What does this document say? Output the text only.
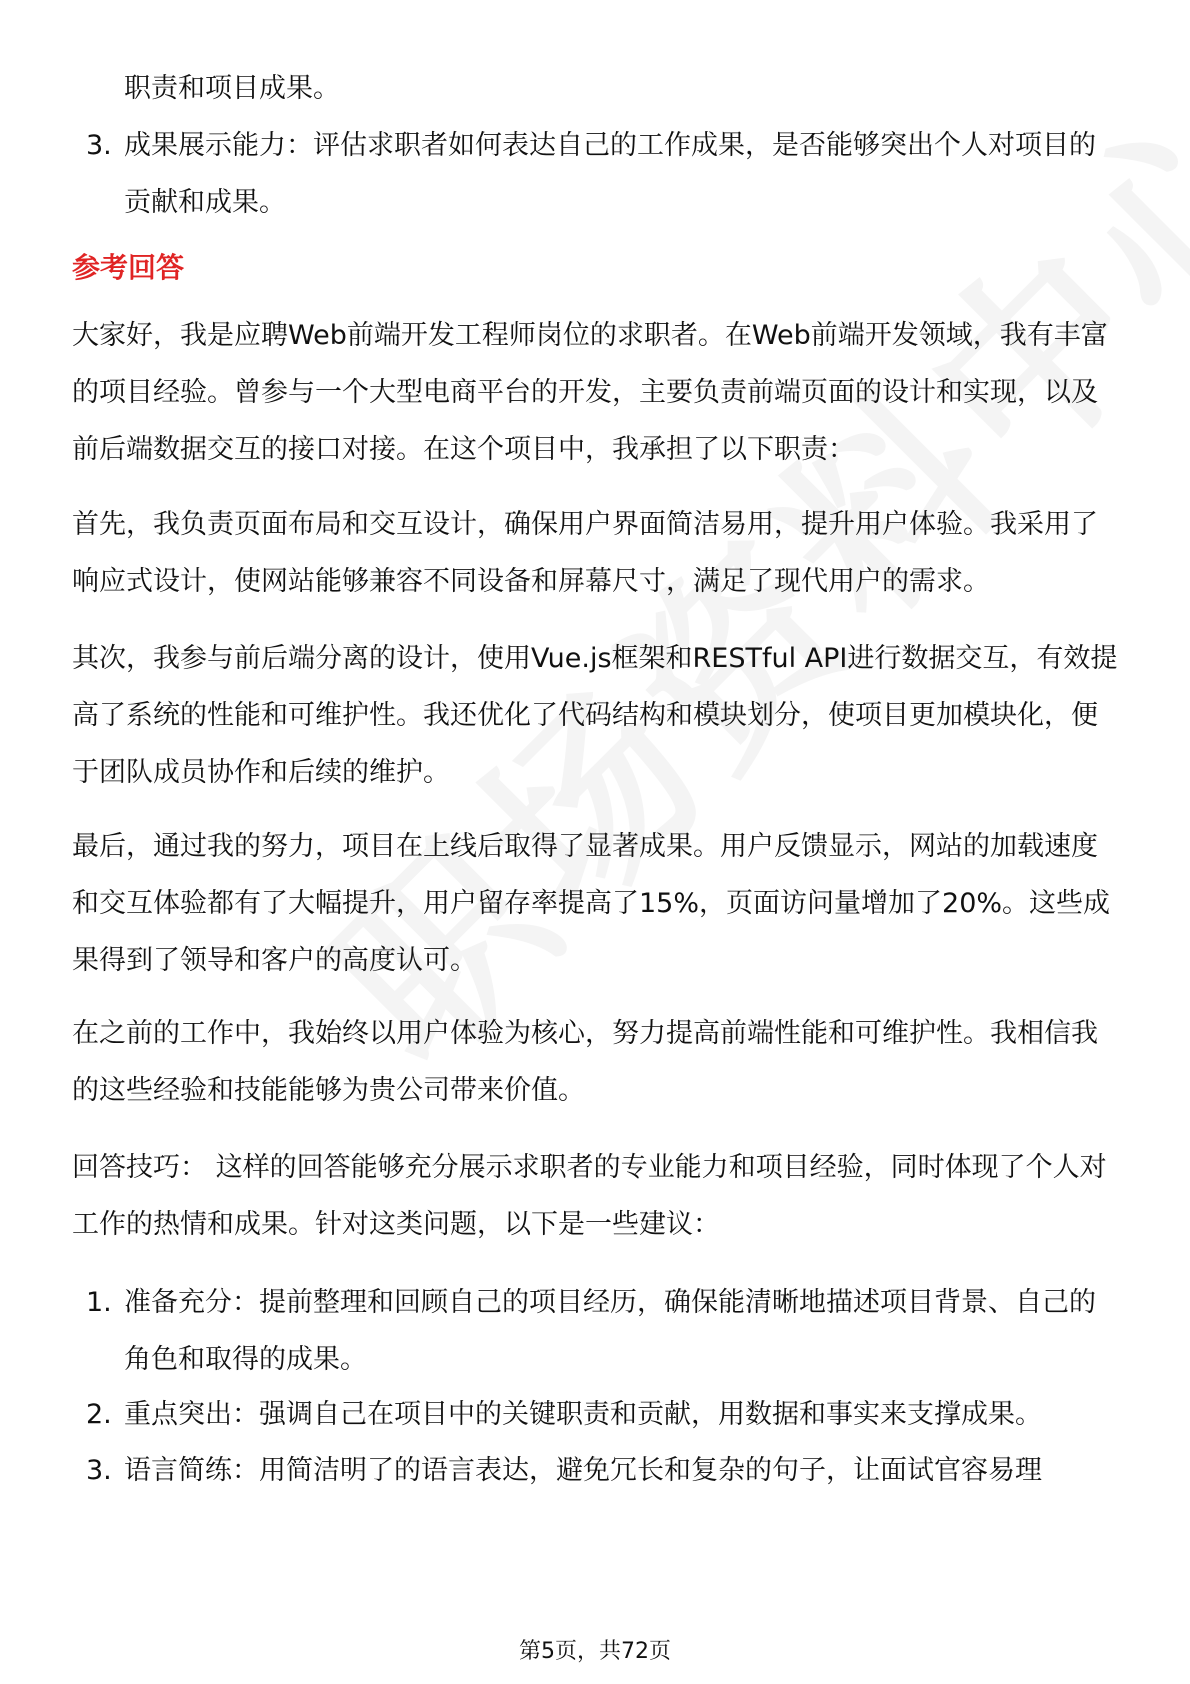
职责和项目成果。
3. 成果展示能力：评估求职者如何表达自己的工作成果，是否能够突出个人对项目的贡献和成果。
参考回答
大家好，我是应聘Web前端开发工程师岗位的求职者。在Web前端开发领域，我有丰富的项目经验。曾参与一个大型电商平台的开发，主要负责前端页面的设计和实现，以及前后端数据交互的接口对接。在这个项目中，我承担了以下职责：
首先，我负责页面布局和交互设计，确保用户界面简洁易用，提升用户体验。我采用了响应式设计，使网站能够兼容不同设备和屏幕尺寸，满足了现代用户的需求。
其次，我参与前后端分离的设计，使用Vue.js框架和RESTful API进行数据交互，有效提高了系统的性能和可维护性。我还优化了代码结构和模块划分，使项目更加模块化，便于团队成员协作和后续的维护。
最后，通过我的努力，项目在上线后取得了显著成果。用户反馈显示，网站的加载速度和交互体验都有了大幅提升，用户留存率提高了15%，页面访问量增加了20%。这些成果得到了领导和客户的高度认可。
在之前的工作中，我始终以用户体验为核心，努力提高前端性能和可维护性。我相信我的这些经验和技能能够为贵公司带来价值。
回答技巧： 这样的回答能够充分展示求职者的专业能力和项目经验，同时体现了个人对工作的热情和成果。针对这类问题，以下是一些建议：
1. 准备充分：提前整理和回顾自己的项目经历，确保能清晰地描述项目背景、自己的角色和取得的成果。
2. 重点突出：强调自己在项目中的关键职责和贡献，用数据和事实来支撑成果。
3. 语言简练：用简洁明了的语言表达，避免冗长和复杂的句子，让面试官容易理
第5页，共72页
